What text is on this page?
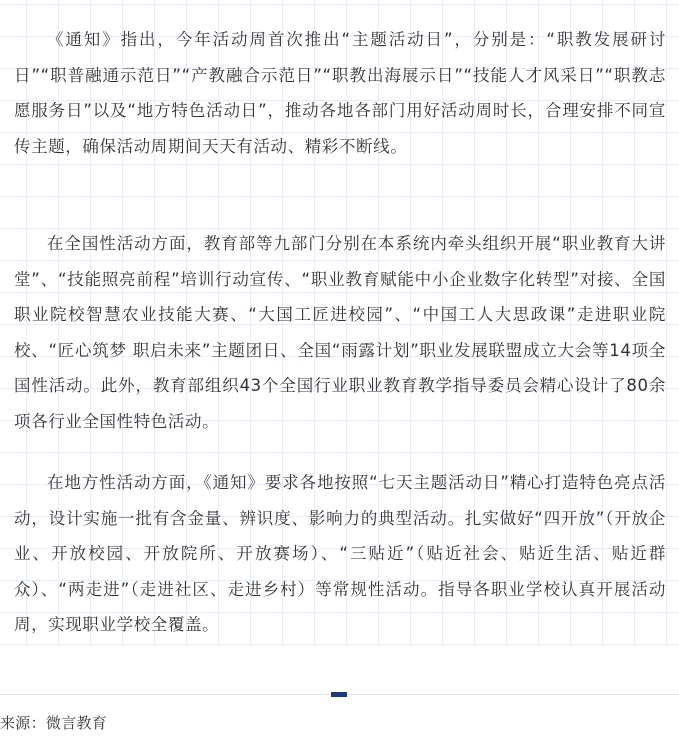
《通知》指出，今年活动周首次推出“主题活动日”，分别是：“职教发展研讨日”“职普融通示范日”“产教融合示范日”“职教出海展示日”“技能人才风采日”“职教志愿服务日”以及“地方特色活动日”，推动各地各部门用好活动周时长，合理安排不同宣传主题，确保活动周期间天天有活动、精彩不断线。

在全国性活动方面，教育部等九部门分别在本系统内牵头组织开展“职业教育大讲堂”、“技能照亮前程”培训行动宣传、“职业教育赋能中小企业数字化转型”对接、全国职业院校智慧农业技能大赛、“大国工匠进校园”、“中国工人大思政课”走进职业院校、“匠心筑梦 职启未来”主题团日、全国“雨露计划”职业发展联盟成立大会等14项全国性活动。此外，教育部组织43个全国行业职业教育教学指导委员会精心设计了80余项各行业全国性特色活动。

在地方性活动方面，《通知》要求各地按照“七天主题活动日”精心打造特色亮点活动，设计实施一批有含金量、辨识度、影响力的典型活动。扎实做好“四开放”（开放企业、开放校园、开放院所、开放赛场）、“三贴近”（贴近社会、贴近生活、贴近群众）、“两走进”（走进社区、走进乡村）等常规性活动。指导各职业学校认真开展活动周，实现职业学校全覆盖。

来源：微言教育
